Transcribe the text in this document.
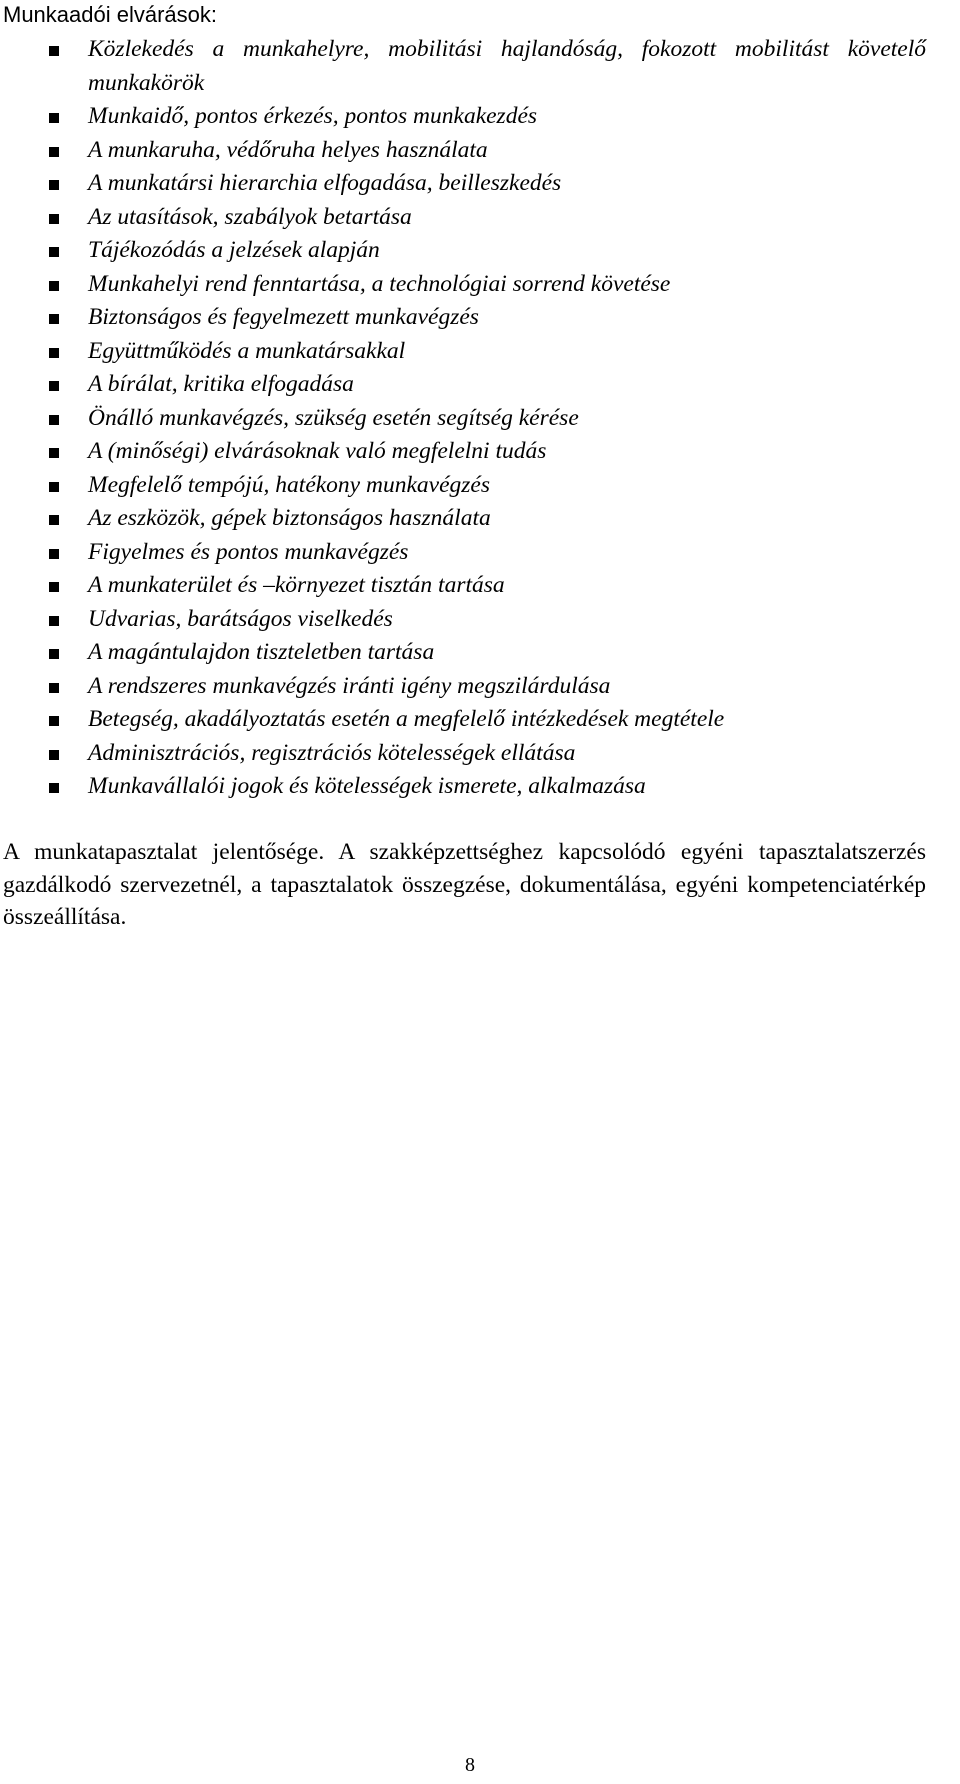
Munkaadói elvárások:
Közlekedés a munkahelyre, mobilitási hajlandóság, fokozott mobilitást követelő munkakörök
Munkaidő, pontos érkezés, pontos munkakezdés
A munkaruha, védőruha helyes használata
A munkatársi hierarchia elfogadása, beilleszkedés
Az utasítások, szabályok betartása
Tájékozódás a jelzések alapján
Munkahelyi rend fenntartása, a technológiai sorrend követése
Biztonságos és fegyelmezett munkavégzés
Együttműködés a munkatársakkal
A bírálat, kritika elfogadása
Önálló munkavégzés, szükség esetén segítség kérése
A (minőségi) elvárásoknak való megfelelni tudás
Megfelelő tempójú, hatékony munkavégzés
Az eszközök, gépek biztonságos használata
Figyelmes és pontos munkavégzés
A munkaterület és –környezet tisztán tartása
Udvarias, barátságos viselkedés
A magántulajdon tiszteletben tartása
A rendszeres munkavégzés iránti igény megszilárdulása
Betegség, akadályoztatás esetén a megfelelő intézkedések megtétele
Adminisztrációs, regisztrációs kötelességek ellátása
Munkavállalói jogok és kötelességek ismerete, alkalmazása

A munkatapasztalat jelentősége. A szakképzettséghez kapcsolódó egyéni tapasztalatszerzés gazdálkodó szervezetnél, a tapasztalatok összegzése, dokumentálása, egyéni kompetenciatérkép összeállítása.

8
